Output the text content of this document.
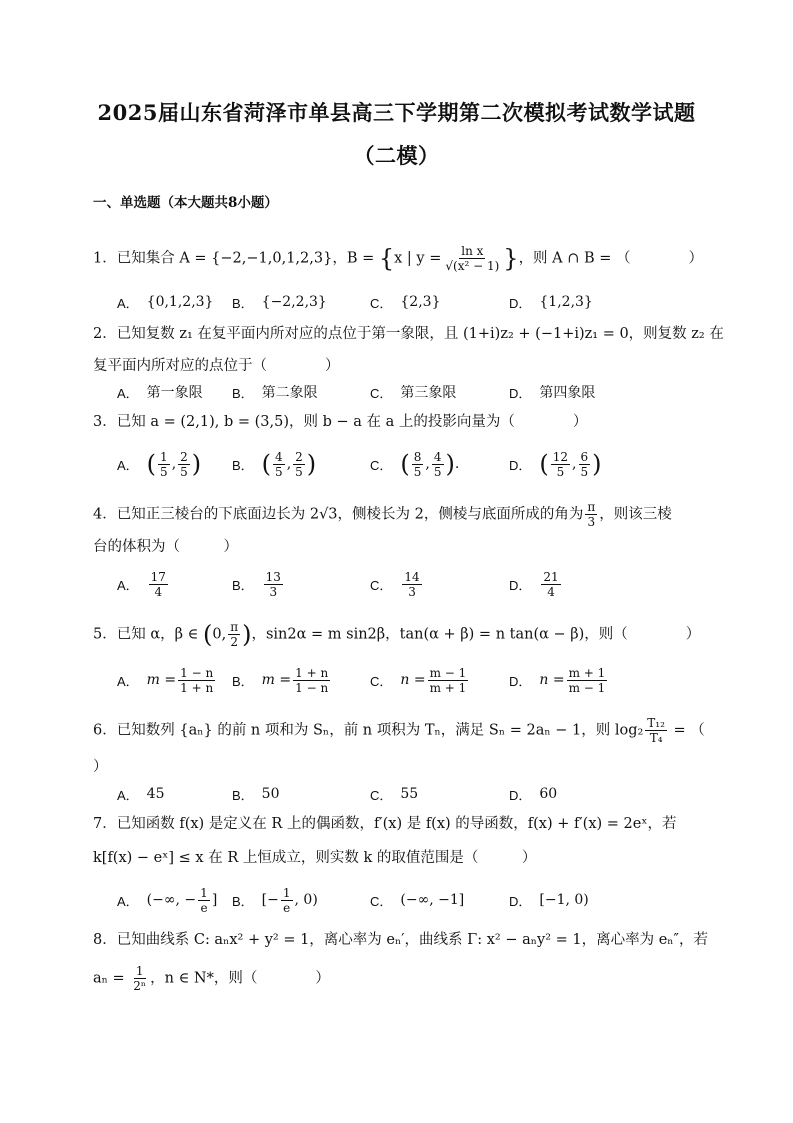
2025届山东省菏泽市单县高三下学期第二次模拟考试数学试题
（二模）
一、单选题（本大题共8小题）
1．已知集合 A = {−2,−1,0,1,2,3}，B = {x | $y = \frac{\text{ln x}}{\text{√(x² − 1)}}$ }，则 A ∩ B = （　　　　）
A． {0,1,2,3} B． {−2,2,3}	C． {2,3}	D． {1,2,3}
2．已知复数 z₁ 在复平面内所对应的点位于第一象限，且 (1+i)z₂ + (−1+i)z₁ = 0，则复数 z₂ 在
复平面内所对应的点位于（　　　　）
A． 第一象限 B． 第二象限	C． 第三象限	D． 第四象限
3．已知 a = (2,1), b = (3,5)，则 b − a 在 a 上的投影向量为（　　　　）
A． ( $\frac{1}{5}$ , $\frac{2}{5}$ ) B． ( $\frac{4}{5}$ , $\frac{2}{5}$ )	C． ( $\frac{8}{5}$ , $\frac{4}{5}$ ) .	D． ( $\frac{12}{5}$ , $\frac{6}{5}$ )
4．已知正三棱台的下底面边长为 2√3，侧棱长为 2，侧棱与底面所成的角为 $\frac{\pi}{3}$ ，则该三棱
台的体积为（　　　）
A． $\frac{17}{4}$	B． $\frac{13}{3}$	C． $\frac{14}{3}$	D． $\frac{21}{4}$
5．已知 α，β ∈ (0, $\frac{\pi}{2}$ )，sin2α = m sin2β，tan(α + β) = n tan(α − β)，则（　　　　）
A． $m = \frac{1 - n}{1 + n}$ B． $m = \frac{1 + n}{1 - n}$	C． $n = \frac{m - 1}{m + 1}$	D． $n = \frac{m + 1}{m - 1}$
6．已知数列 {aₙ} 的前 n 项和为 Sₙ，前 n 项积为 Tₙ，满足 Sₙ = 2aₙ − 1，则 $\log_2 \frac{\text{T₁₂}}{\text{T₄}}$ = （
）
A． 45	B． 50	C． 55	D． 60
7．已知函数 f(x) 是定义在 R 上的偶函数，f′(x) 是 f(x) 的导函数，f(x) + f′(x) = 2eˣ，若
k[f(x) − eˣ] ≤ x 在 R 上恒成立，则实数 k 的取值范围是（　　　）
A． (−∞, − $\frac{1}{e}$ ] B． [− $\frac{1}{e}$ , 0)	C． (−∞, −1]	D． [−1, 0)
8．已知曲线系 C: aₙx² + y² = 1，离心率为 eₙ′，曲线系 Γ: x² − aₙy² = 1，离心率为 eₙ″，若
$a_n = \frac{1}{\text{2ⁿ}}$ ，n ∈ N*，则（　　　　）
